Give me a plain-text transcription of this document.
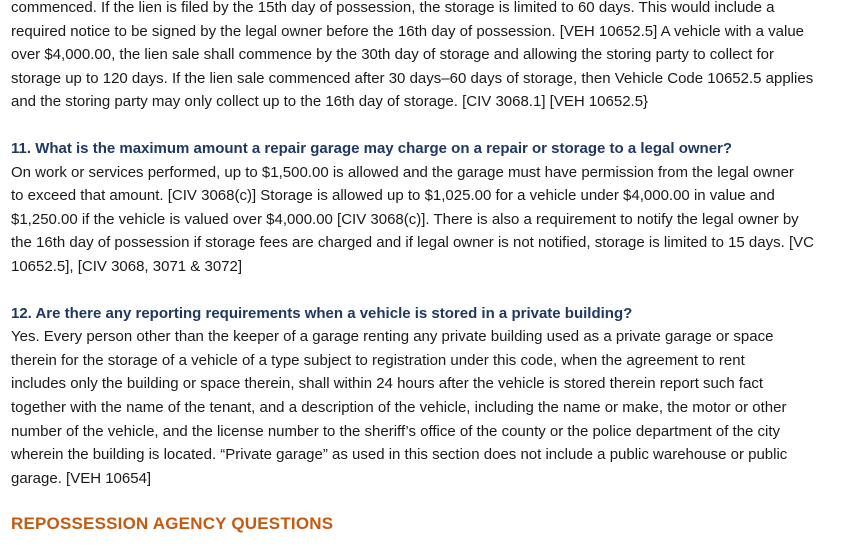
commenced. If the lien is filed by the 15th day of possession, the storage is limited to 60 days. This would include a
required notice to be signed by the legal owner before the 16th day of possession. [VEH 10652.5] A vehicle with a value
over $4,000.00, the lien sale shall commence by the 30th day of storage and allowing the storing party to collect for
storage up to 120 days. If the lien sale commenced after 30 days–60 days of storage, then Vehicle Code 10652.5 applies
and the storing party may only collect up to the 16th day of storage. [CIV 3068.1] [VEH 10652.5}
11. What is the maximum amount a repair garage may charge on a repair or storage to a legal owner?
On work or services performed, up to $1,500.00 is allowed and the garage must have permission from the legal owner
to exceed that amount. [CIV 3068(c)] Storage is allowed up to $1,025.00 for a vehicle under $4,000.00 in value and
$1,250.00 if the vehicle is valued over $4,000.00 [CIV 3068(c)]. There is also a requirement to notify the legal owner by
the 16th day of possession if storage fees are charged and if legal owner is not notified, storage is limited to 15 days. [VC
10652.5], [CIV 3068, 3071 & 3072]
12. Are there any reporting requirements when a vehicle is stored in a private building?
Yes. Every person other than the keeper of a garage renting any private building used as a private garage or space
therein for the storage of a vehicle of a type subject to registration under this code, when the agreement to rent
includes only the building or space therein, shall within 24 hours after the vehicle is stored therein report such fact
together with the name of the tenant, and a description of the vehicle, including the name or make, the motor or other
number of the vehicle, and the license number to the sheriff’s office of the county or the police department of the city
wherein the building is located. “Private garage” as used in this section does not include a public warehouse or public
garage. [VEH 10654]
REPOSSESSION AGENCY QUESTIONS
